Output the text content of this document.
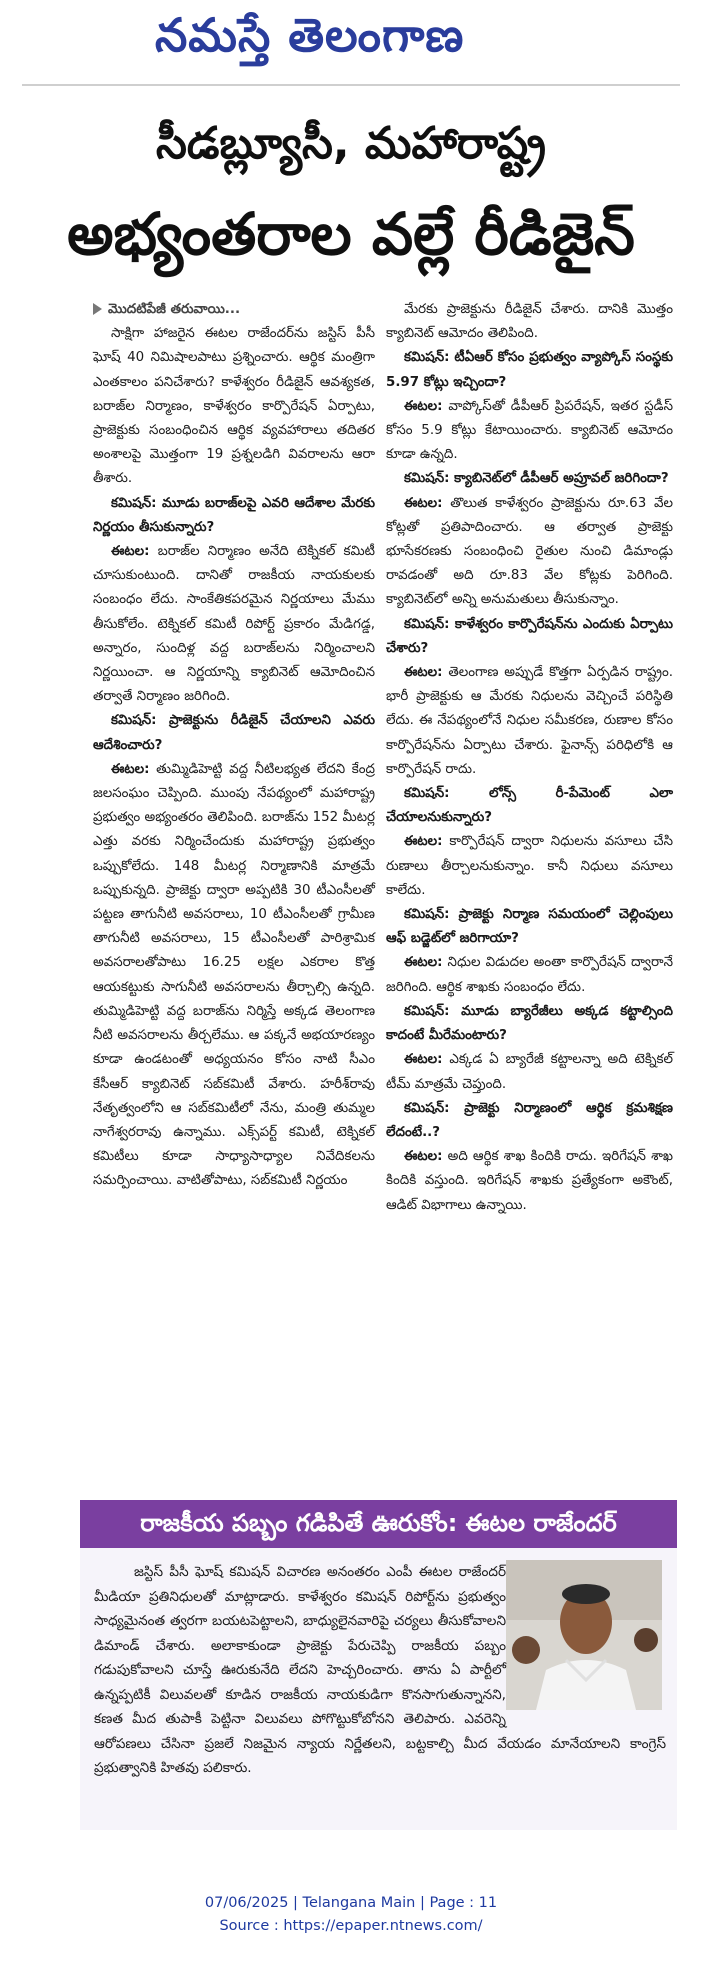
నమస్తే తెలంగాణ
సీడబ్ల్యూసీ, మహారాష్ట్ర
అభ్యంతరాల వల్లే రీడిజైన్

మొదటిపేజీ తరువాయి...

సాక్షిగా హాజరైన ఈటల రాజేందర్‌ను జస్టిస్ పీసీ ఘోష్ 40 నిమిషాలపాటు ప్రశ్నించారు. ఆర్థిక మంత్రిగా ఎంతకాలం పనిచేశారు? కాళేశ్వరం రీడిజైన్ ఆవశ్యకత, బరాజ్‌ల నిర్మాణం, కాళేశ్వరం కార్పొరేషన్ ఏర్పాటు, ప్రాజెక్టుకు సంబంధించిన ఆర్థిక వ్యవహారాలు తదితర అంశాలపై మొత్తంగా 19 ప్రశ్నలడిగి వివరాలను ఆరా తీశారు.

కమిషన్: మూడు బరాజ్‌లపై ఎవరి ఆదేశాల మేరకు నిర్ణయం తీసుకున్నారు?

ఈటల: బరాజ్‌ల నిర్మాణం అనేది టెక్నికల్ కమిటీ చూసుకుంటుంది. దానితో రాజకీయ నాయకులకు సంబంధం లేదు. సాంకేతికపరమైన నిర్ణయాలు మేము తీసుకోలేం. టెక్నికల్ కమిటీ రిపోర్ట్ ప్రకారం మేడిగడ్డ, అన్నారం, సుందిళ్ల వద్ద బరాజ్‌లను నిర్మించాలని నిర్ణయించా. ఆ నిర్ణయాన్ని క్యాబినెట్ ఆమోదించిన తర్వాతే నిర్మాణం జరిగింది.

కమిషన్: ప్రాజెక్టును రీడిజైన్ చేయాలని ఎవరు ఆదేశించారు?

ఈటల: తుమ్మిడిహెట్టి వద్ద నీటిలభ్యత లేదని కేంద్ర జలసంఘం చెప్పింది. ముంపు నేపథ్యంలో మహారాష్ట్ర ప్రభుత్వం అభ్యంతరం తెలిపింది. బరాజ్‌ను 152 మీటర్ల ఎత్తు వరకు నిర్మించేందుకు మహారాష్ట్ర ప్రభుత్వం ఒప్పుకోలేదు. 148 మీటర్ల నిర్మాణానికి మాత్రమే ఒప్పుకున్నది. ప్రాజెక్టు ద్వారా అప్పటికి 30 టీఎంసీలతో పట్టణ తాగునీటి అవసరాలు, 10 టీఎంసీలతో గ్రామీణ తాగునీటి అవసరాలు, 15 టీఎంసీలతో పారిశ్రామిక అవసరాలతోపాటు 16.25 లక్షల ఎకరాల కొత్త ఆయకట్టుకు సాగునీటి అవసరాలను తీర్చాల్సి ఉన్నది. తుమ్మిడిహెట్టి వద్ద బరాజ్‌ను నిర్మిస్తే అక్కడ తెలంగాణ నీటి అవసరాలను తీర్చలేము. ఆ పక్కనే అభయారణ్యం కూడా ఉండటంతో అధ్యయనం కోసం నాటి సీఎం కేసీఆర్ క్యాబినెట్ సబ్‌కమిటీ వేశారు. హరీశ్‌రావు నేతృత్వంలోని ఆ సబ్‌కమిటీలో నేను, మంత్రి తుమ్మల నాగేశ్వరరావు ఉన్నాము. ఎక్స్‌పర్ట్ కమిటీ, టెక్నికల్ కమిటీలు కూడా సాధ్యాసాధ్యాల నివేదికలను సమర్పించాయి. వాటితోపాటు, సబ్‌కమిటీ నిర్ణయం

మేరకు ప్రాజెక్టును రీడిజైన్ చేశారు. దానికి మొత్తం క్యాబినెట్ ఆమోదం తెలిపింది.

కమిషన్: టీఏఆర్ కోసం ప్రభుత్వం వ్యాప్కోస్ సంస్థకు 5.97 కోట్లు ఇచ్చిందా?

ఈటల: వాప్కోస్‌తో డీపీఆర్ ప్రిపరేషన్, ఇతర స్టడీస్ కోసం 5.9 కోట్లు కేటాయించారు. క్యాబినెట్ ఆమోదం కూడా ఉన్నది.

కమిషన్: క్యాబినెట్‌లో డీపీఆర్ అప్రూవల్ జరిగిందా?

ఈటల: తొలుత కాళేశ్వరం ప్రాజెక్టును రూ.63 వేల కోట్లతో ప్రతిపాదించారు. ఆ తర్వాత ప్రాజెక్టు భూసేకరణకు సంబంధించి రైతుల నుంచి డిమాండ్లు రావడంతో అది రూ.83 వేల కోట్లకు పెరిగింది. క్యాబినెట్‌లో అన్ని అనుమతులు తీసుకున్నాం.

కమిషన్: కాళేశ్వరం కార్పొరేషన్‌ను ఎందుకు ఏర్పాటు చేశారు?

ఈటల: తెలంగాణ అప్పుడే కొత్తగా ఏర్పడిన రాష్ట్రం. భారీ ప్రాజెక్టుకు ఆ మేరకు నిధులను వెచ్చించే పరిస్థితి లేదు. ఈ నేపథ్యంలోనే నిధుల సమీకరణ, రుణాల కోసం కార్పొరేషన్‌ను ఏర్పాటు చేశారు. ఫైనాన్స్ పరిధిలోకి ఆ కార్పొరేషన్ రాదు.

కమిషన్:	లోన్స్ రీ-పేమెంట్ ఎలా చేయాలనుకున్నారు?

ఈటల: కార్పొరేషన్ ద్వారా నిధులను వసూలు చేసి రుణాలు తీర్చాలనుకున్నాం. కానీ నిధులు వసూలు కాలేదు.

కమిషన్: ప్రాజెక్టు నిర్మాణ సమయంలో చెల్లింపులు ఆఫ్ బడ్జెట్‌లో జరిగాయా?

ఈటల: నిధుల విడుదల అంతా కార్పొరేషన్ ద్వారానే జరిగింది. ఆర్థిక శాఖకు సంబంధం లేదు.

కమిషన్: మూడు బ్యారేజీలు అక్కడ కట్టాల్సింది కాదంటే మీరేమంటారు?

ఈటల: ఎక్కడ ఏ బ్యారేజీ కట్టాలన్నా అది టెక్నికల్ టీమ్ మాత్రమే చెప్తుంది.

కమిషన్: ప్రాజెక్టు నిర్మాణంలో ఆర్థిక క్రమశిక్షణ లేదంటే..?

ఈటల: అది ఆర్థిక శాఖ కిందికి రాదు. ఇరిగేషన్ శాఖ కిందికి వస్తుంది. ఇరిగేషన్ శాఖకు ప్రత్యేకంగా అకౌంట్, ఆడిట్ విభాగాలు ఉన్నాయి.

రాజకీయ పబ్బం గడిపితే ఊరుకోం: ఈటల రాజేందర్

జస్టిస్ పీసీ ఘోష్ కమిషన్ విచారణ అనంతరం ఎంపీ ఈటల రాజేందర్ మీడియా ప్రతినిధులతో మాట్లాడారు. కాళేశ్వరం కమిషన్ రిపోర్ట్‌ను ప్రభుత్వం సాధ్యమైనంత త్వరగా బయటపెట్టాలని, బాధ్యులైనవారిపై చర్యలు తీసుకోవాలని డిమాండ్ చేశారు. అలాకాకుండా ప్రాజెక్టు పేరుచెప్పి రాజకీయ పబ్బం గడుపుకోవాలని చూస్తే ఊరుకునేది లేదని హెచ్చరించారు. తాను ఏ పార్టీలో ఉన్నప్పటికీ విలువలతో కూడిన రాజకీయ నాయకుడిగా కొనసాగుతున్నానని, కణత మీద తుపాకీ పెట్టినా విలువలు పోగొట్టుకోబోనని తెలిపారు. ఎవరెన్ని ఆరోపణలు చేసినా ప్రజలే నిజమైన న్యాయ నిర్ణేతలని, బట్టకాల్చి మీద వేయడం మానేయాలని కాంగ్రెస్ ప్రభుత్వానికి హితవు పలికారు.

07/06/2025 | Telangana Main | Page : 11
Source : https://epaper.ntnews.com/
